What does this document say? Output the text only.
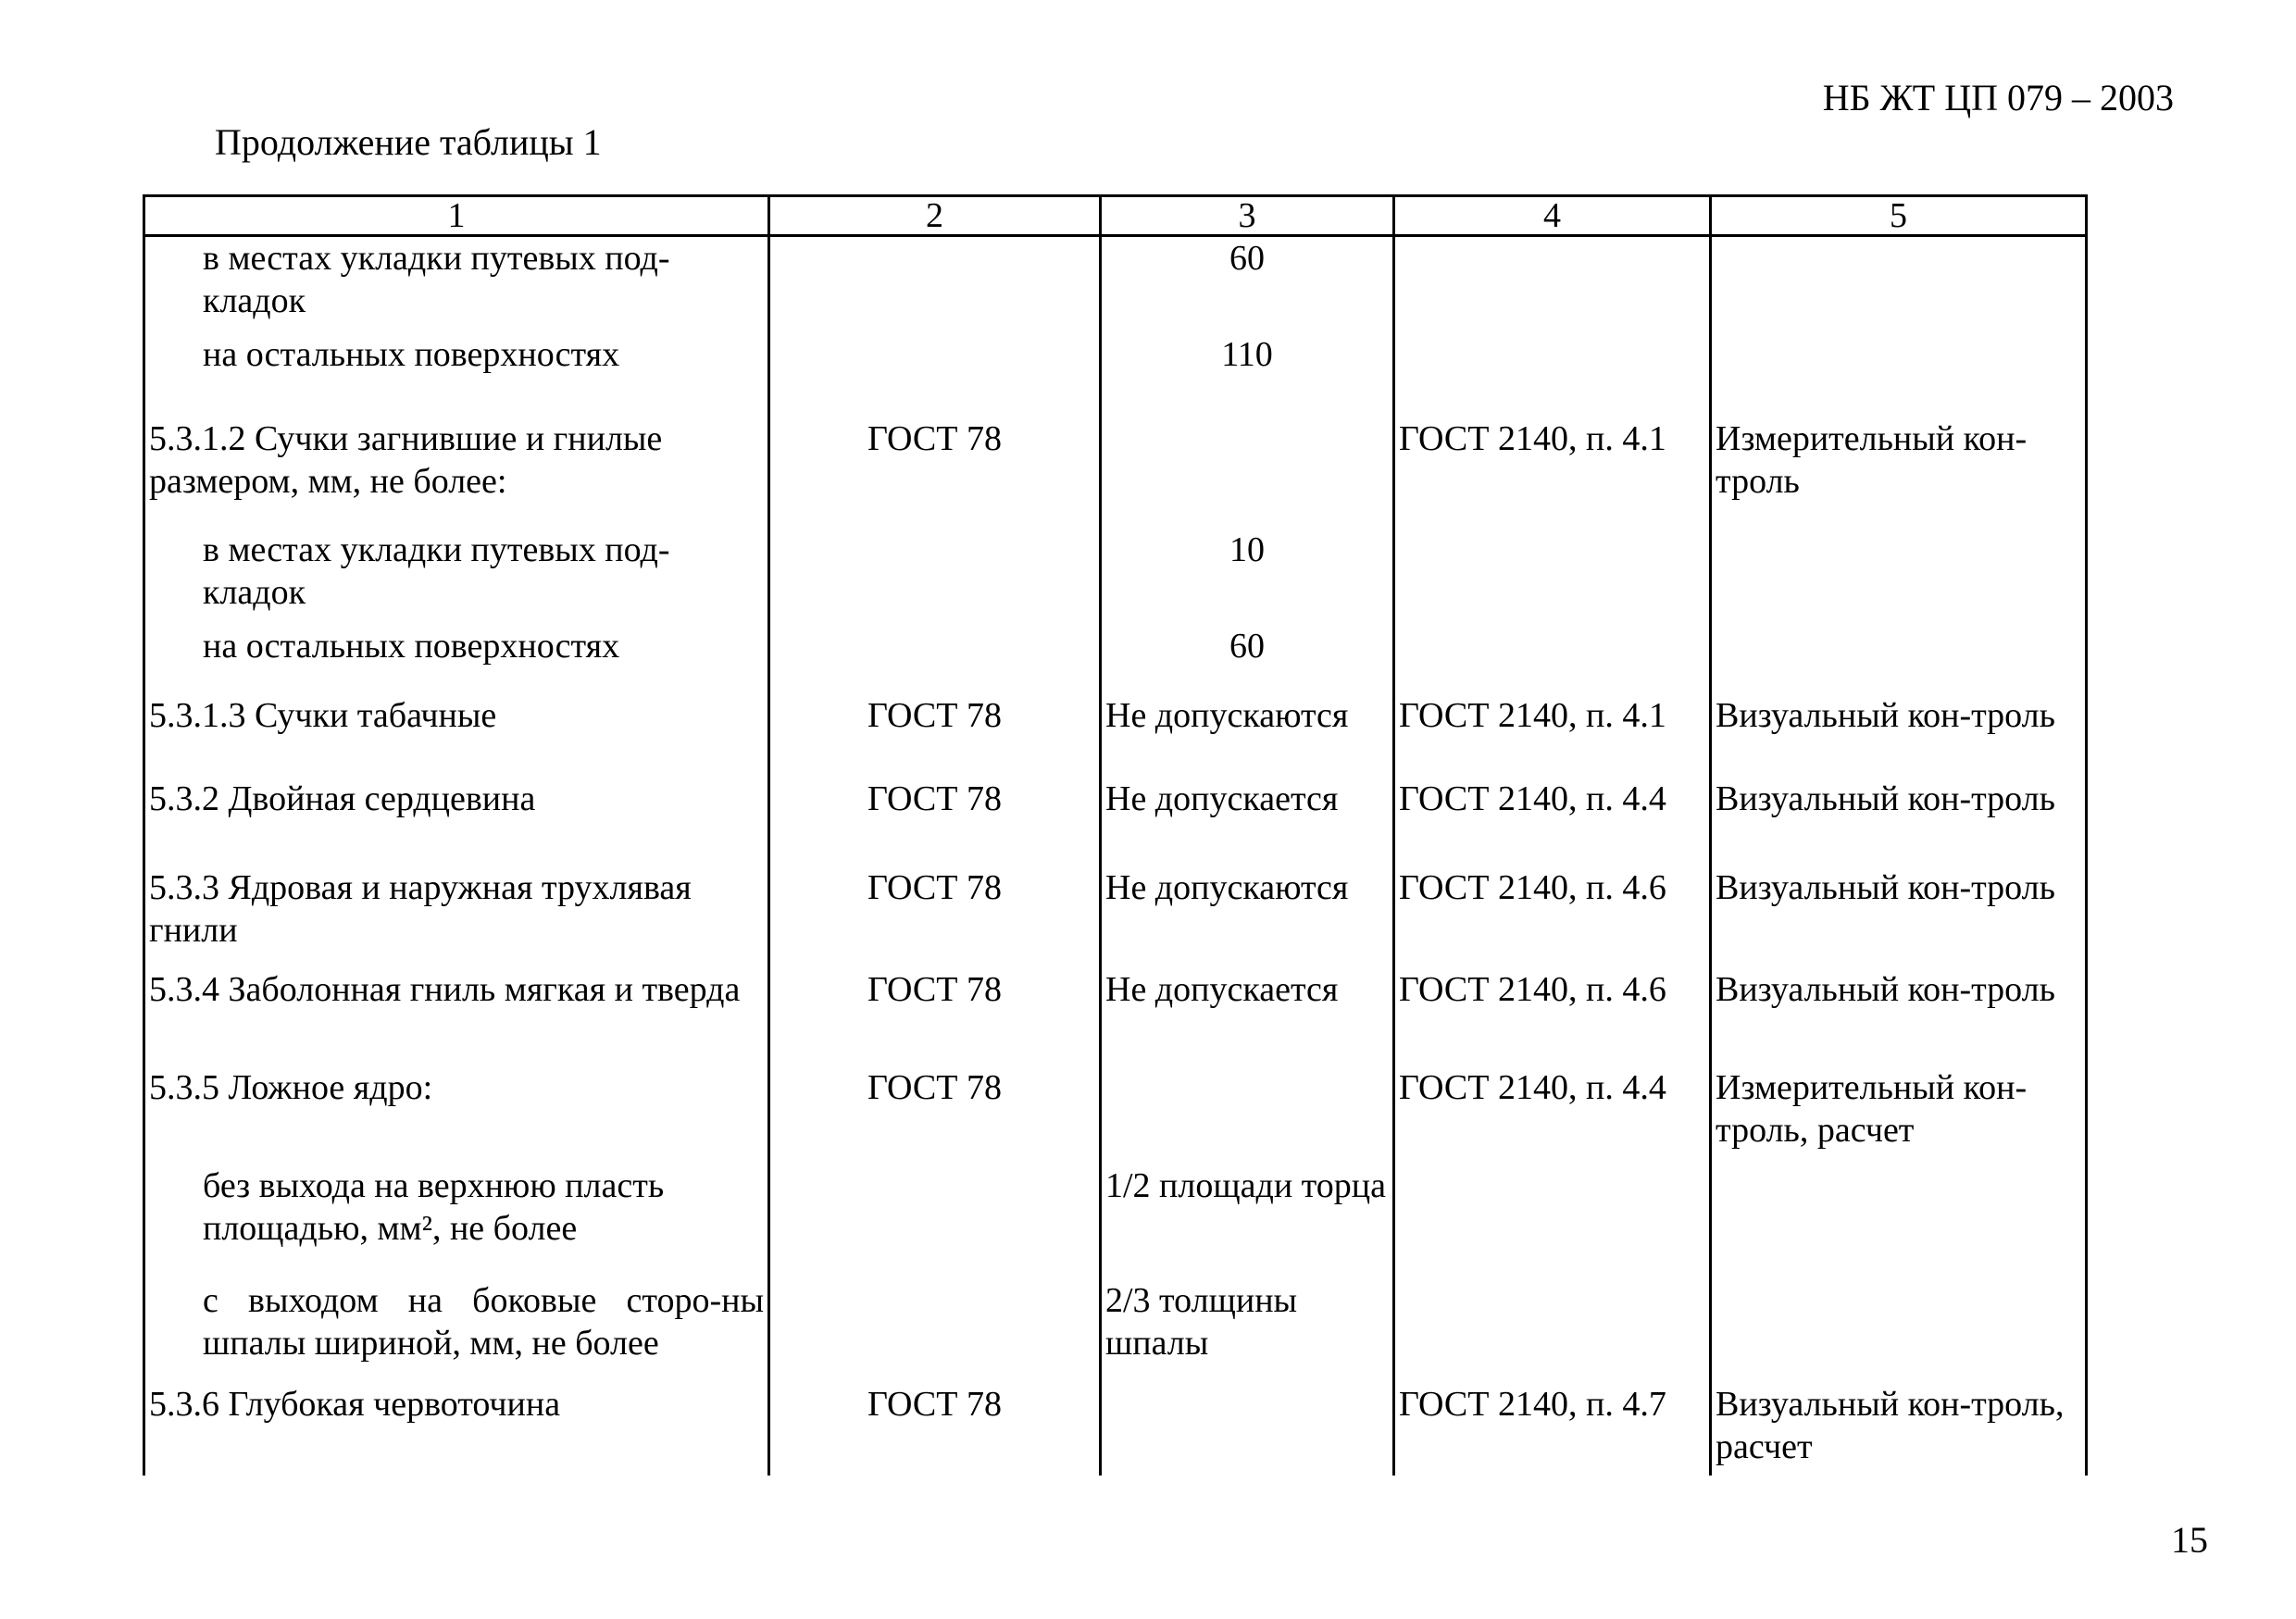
НБ ЖТ ЦП 079 – 2003
Продолжение таблицы 1
1	2	3	4	5
в местах укладки путевых под-кладок		60		
на остальных поверхностях		110		
5.3.1.2 Сучки загнившие и гнилые размером, мм, не более:	ГОСТ 78		ГОСТ 2140, п. 4.1	Измерительный кон-троль
в местах укладки путевых под-кладок		10		
на остальных поверхностях		60		
5.3.1.3 Сучки табачные	ГОСТ 78	Не допускаются	ГОСТ 2140, п. 4.1	Визуальный кон-троль
5.3.2 Двойная сердцевина	ГОСТ 78	Не допускается	ГОСТ 2140, п. 4.4	Визуальный кон-троль
5.3.3 Ядровая и наружная трухлявая гнили	ГОСТ 78	Не допускаются	ГОСТ 2140, п. 4.6	Визуальный кон-троль
5.3.4 Заболонная гниль мягкая и тверда	ГОСТ 78	Не допускается	ГОСТ 2140, п. 4.6	Визуальный кон-троль
5.3.5 Ложное ядро:	ГОСТ 78		ГОСТ 2140, п. 4.4	Измерительный кон-троль, расчет
без выхода на верхнюю пласть площадью, мм², не более		1/2 площади торца		
с выходом на боковые сторо-ны шпалы шириной, мм, не более		2/3 толщины шпалы		
5.3.6 Глубокая червоточина	ГОСТ 78		ГОСТ 2140, п. 4.7	Визуальный кон-троль, расчет
15
